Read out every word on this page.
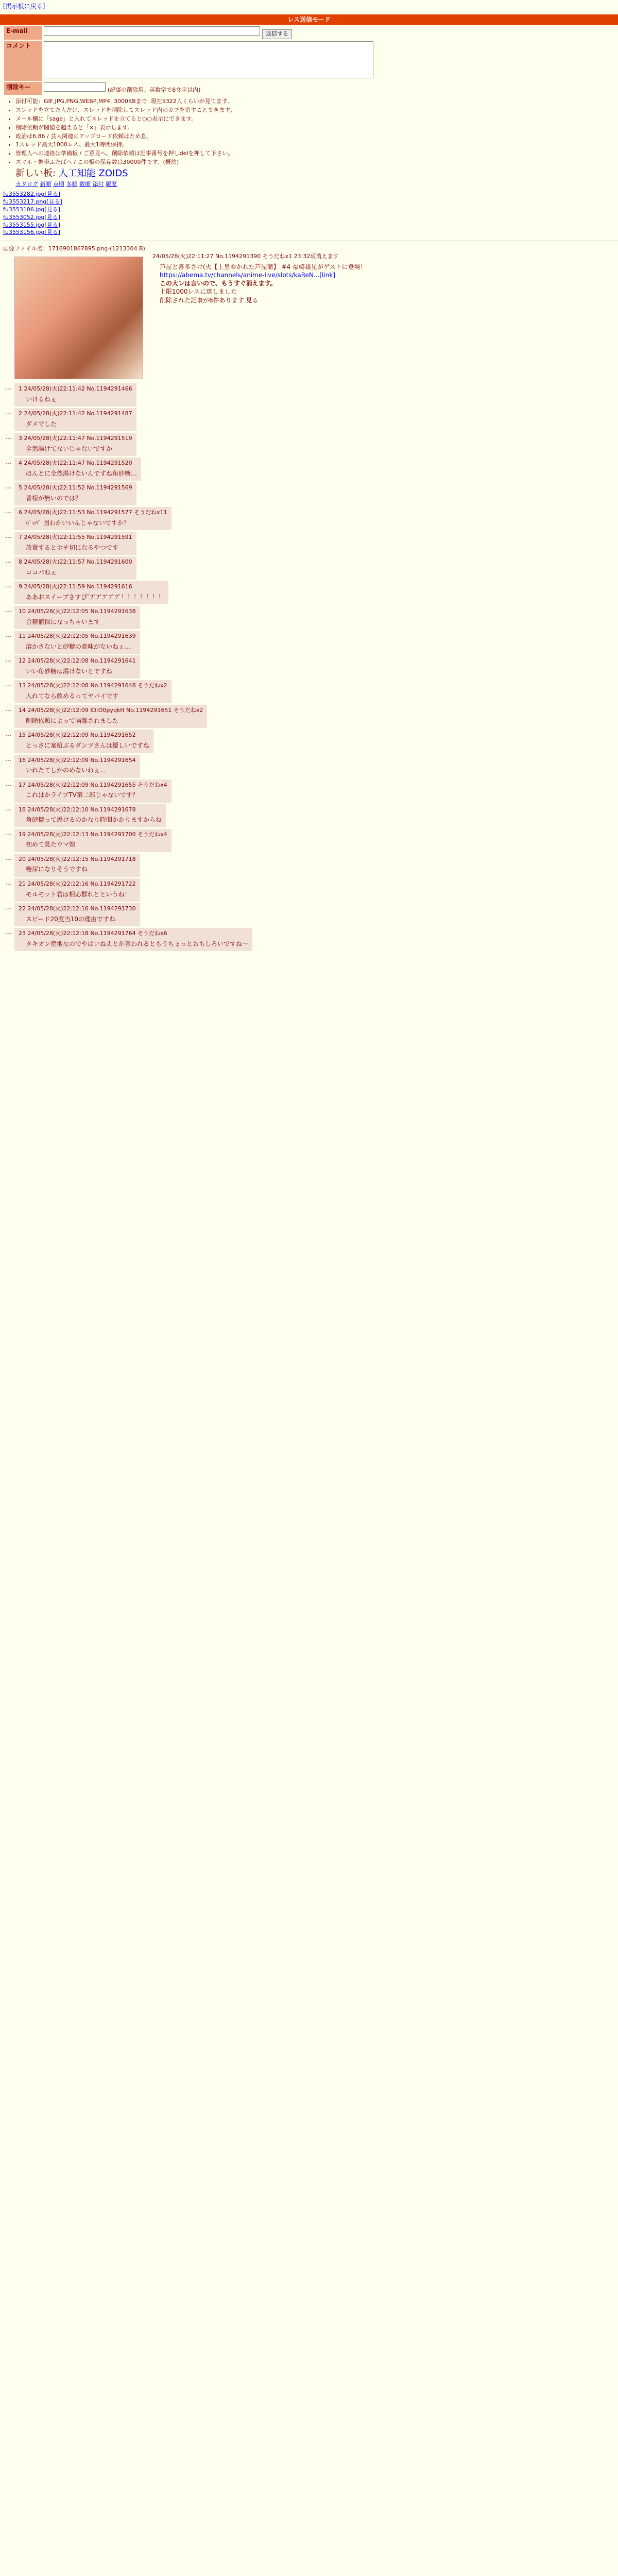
[掲示板に戻る]
レス送信モード
E-mail	返信する
コメント	
削除キー	(記事の削除用。英数字で8文字以内)
• 添付可能：GIF,JPG,PNG,WEBP,MP4. 3000KBまで. 現在5322人くらいが見てます.
• スレッドを立てた人だけ、スレッドを削除してスレッド内のカブを消すことできます。
• メール欄に「sage」と入れてスレッドを立てると○○表示にできます。
• 削除依頼が閾値を超えると「×」表示します。
• 政治は6.86 / 芸人関連のアップロード依頼はため息。
• 1スレッド最大1000レス。最大1時間保持。
• 管理人への連絡は準備板 / ご意見へ。削除依頼は記事番号を押しdelを押して下さい。
• スマホ・携帯ふたばへ / この板の保存数は30000件です。(概約)
新しい板: 人工知能 ZOIDS
カタログ 新順 点順 多順 数順 添付 履歴
fu3553282.jpg[見る]
fu3553217.png[見る]
fu3553106.jpg[見る]
fu3553052.jpg[見る]
fu3553155.jpg[見る]
fu3553156.jpg[見る]
画像ファイル名：1716901867895.png-(1213304 B)
24/05/28(火)22:11:27 No.1194291390 そうだねx1 23:32頃消えます
芦屋と喜多さけ(火【上皇ゆかれた芦屋蒲】 #4 福崎雄星がゲストに登場！
https://abema.tv/channels/anime-live/slots/kaReN...[link]
この大レは言いので、もうすぐ消えます。
上限1000レスに達しました
削除された記事が6件あります.見る
…	1 24/05/28(火)22:11:42 No.1194291466
いけるねぇ
…	2 24/05/28(火)22:11:42 No.1194291487
ダメでした
…	3 24/05/28(火)22:11:47 No.1194291519
全然湯けてないじゃないですか
…	4 24/05/28(火)22:11:47 No.1194291520
ほんとに全然湯けないんですね角砂糖…
…	5 24/05/28(火)22:11:52 No.1194291569
普様が無いのでは？
…	6 24/05/28(火)22:11:53 No.1194291577 そうだねx11
ﾊﾟｯﾊﾟ 固わかいいんじゃないですか？
…	7 24/05/28(火)22:11:55 No.1194291591
放置するとホチ切になるやつです
…	8 24/05/28(火)22:11:57 No.1194291600
ココバねぇ
…	9 24/05/28(火)22:11:59 No.1194291616
ああおスイープさすぴﾟﾌﾟﾌﾟﾌﾟﾌﾟﾌﾟ！！！！！！！
…	10 24/05/28(火)22:12:05 No.1194291638
合糖値保になっちゃいます
…	11 24/05/28(火)22:12:05 No.1194291639
溶かさないと砂糖の意味がないねぇ…
…	12 24/05/28(火)22:12:08 No.1194291641
いい角砂糖は湯けないとですね
…	13 24/05/28(火)22:12:08 No.1194291648 そうだねx2
入れてなら飲めるってヤバイです
…	14 24/05/28(火)22:12:09 ID:O0pyqkH No.1194291651 そうだねx2
削除依頼によって隔離されました
…	15 24/05/28(火)22:12:09 No.1194291652
とっさに案紹ぶるダンツさんは優しいですね
…	16 24/05/28(火)22:12:09 No.1194291654
いれたてしかのめないねぇ…
…	17 24/05/28(火)22:12:09 No.1194291655 そうだねx4
これはかライブTV第二部じゃないです？
…	18 24/05/28(火)22:12:10 No.1194291678
角砂糖って湯けるのかなり時間かかりますからね
…	19 24/05/28(火)22:12:13 No.1194291700 そうだねx4
初めて見たウマ娘
…	20 24/05/28(火)22:12:15 No.1194291718
糖尿になりそうですね
…	21 24/05/28(火)22:12:16 No.1194291722
モルモット君は相応群れとというね！
…	22 24/05/28(火)22:12:16 No.1194291730
スピード20度当10の理由ですね
…	23 24/05/28(火)22:12:18 No.1194291764 そうだねx6
タキオン産地なのでやはいねえとか言われるともうちょっとおもしろいですね～
